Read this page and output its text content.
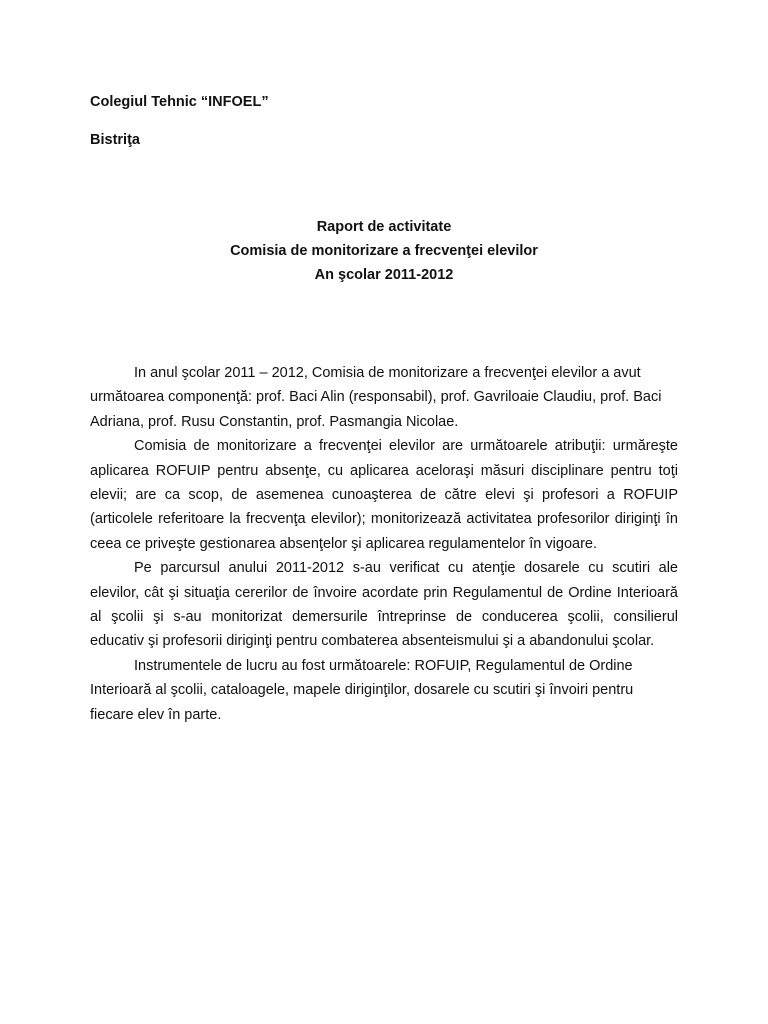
Colegiul Tehnic “INFOEL”
Bistriţa
Raport de activitate
Comisia de monitorizare a frecvenţei elevilor
An şcolar 2011-2012

In anul şcolar 2011 – 2012, Comisia de monitorizare a frecvenţei elevilor a avut următoarea componenţă: prof. Baci Alin (responsabil), prof. Gavriloaie Claudiu, prof. Baci Adriana, prof. Rusu Constantin, prof. Pasmangia Nicolae.

Comisia de monitorizare a frecvenţei elevilor are următoarele atribuţii: urmăreşte aplicarea ROFUIP pentru absenţe, cu aplicarea aceloraşi măsuri disciplinare pentru toţi elevii; are ca scop, de asemenea cunoaşterea de către elevi şi profesori a ROFUIP (articolele referitoare la frecvenţa elevilor); monitorizează activitatea profesorilor diriginţi în ceea ce priveşte gestionarea absenţelor şi aplicarea regulamentelor în vigoare.

Pe parcursul anului 2011-2012 s-au verificat cu atenţie dosarele cu scutiri ale elevilor, cât şi situaţia cererilor de învoire acordate prin Regulamentul de Ordine Interioară al şcolii şi s-au monitorizat demersurile întreprinse de conducerea şcolii, consilierul educativ şi profesorii diriginţi pentru combaterea absenteismului şi a abandonului şcolar.

Instrumentele de lucru au fost următoarele: ROFUIP, Regulamentul de Ordine Interioară al şcolii, cataloagele, mapele diriginţilor, dosarele cu scutiri şi învoiri pentru fiecare elev în parte.
